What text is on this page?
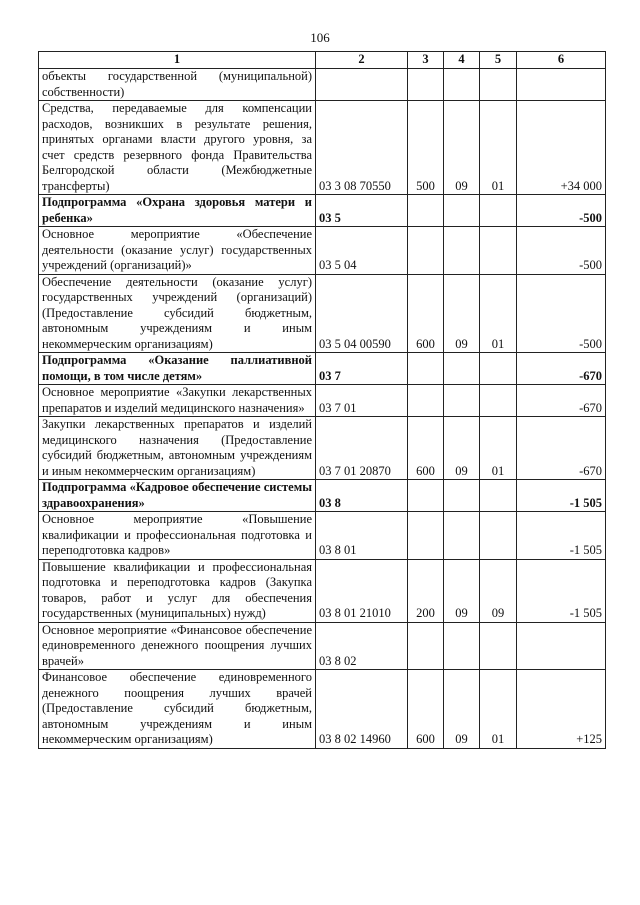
106
1	2	3	4	5	6
объекты государственной (муниципальной) собственности)					
Средства, передаваемые для компенсации расходов, возникших в результате решения, принятых органами власти другого уровня, за счет средств резервного фонда Правительства Белгородской области (Межбюджетные трансферты)	03 3 08 70550	500	09	01	+34 000
Подпрограмма «Охрана здоровья матери и ребенка»	03 5				-500
Основное мероприятие «Обеспечение деятельности (оказание услуг) государственных учреждений (организаций)»	03 5 04				-500
Обеспечение деятельности (оказание услуг) государственных учреждений (организаций) (Предоставление субсидий бюджетным, автономным учреждениям и иным некоммерческим организациям)	03 5 04 00590	600	09	01	-500
Подпрограмма «Оказание паллиативной помощи, в том числе детям»	03 7				-670
Основное мероприятие «Закупки лекарственных препаратов и изделий медицинского назначения»	03 7 01				-670
Закупки лекарственных препаратов и изделий медицинского назначения (Предоставление субсидий бюджетным, автономным учреждениям и иным некоммерческим организациям)	03 7 01 20870	600	09	01	-670
Подпрограмма «Кадровое обеспечение системы здравоохранения»	03 8				-1 505
Основное мероприятие «Повышение квалификации и профессиональная подготовка и переподготовка кадров»	03 8 01				-1 505
Повышение квалификации и профессиональная подготовка и переподготовка кадров (Закупка товаров, работ и услуг для обеспечения государственных (муниципальных) нужд)	03 8 01 21010	200	09	09	-1 505
Основное мероприятие «Финансовое обеспечение единовременного денежного поощрения лучших врачей»	03 8 02				
Финансовое обеспечение единовременного денежного поощрения лучших врачей (Предоставление субсидий бюджетным, автономным учреждениям и иным некоммерческим организациям)	03 8 02 14960	600	09	01	+125
